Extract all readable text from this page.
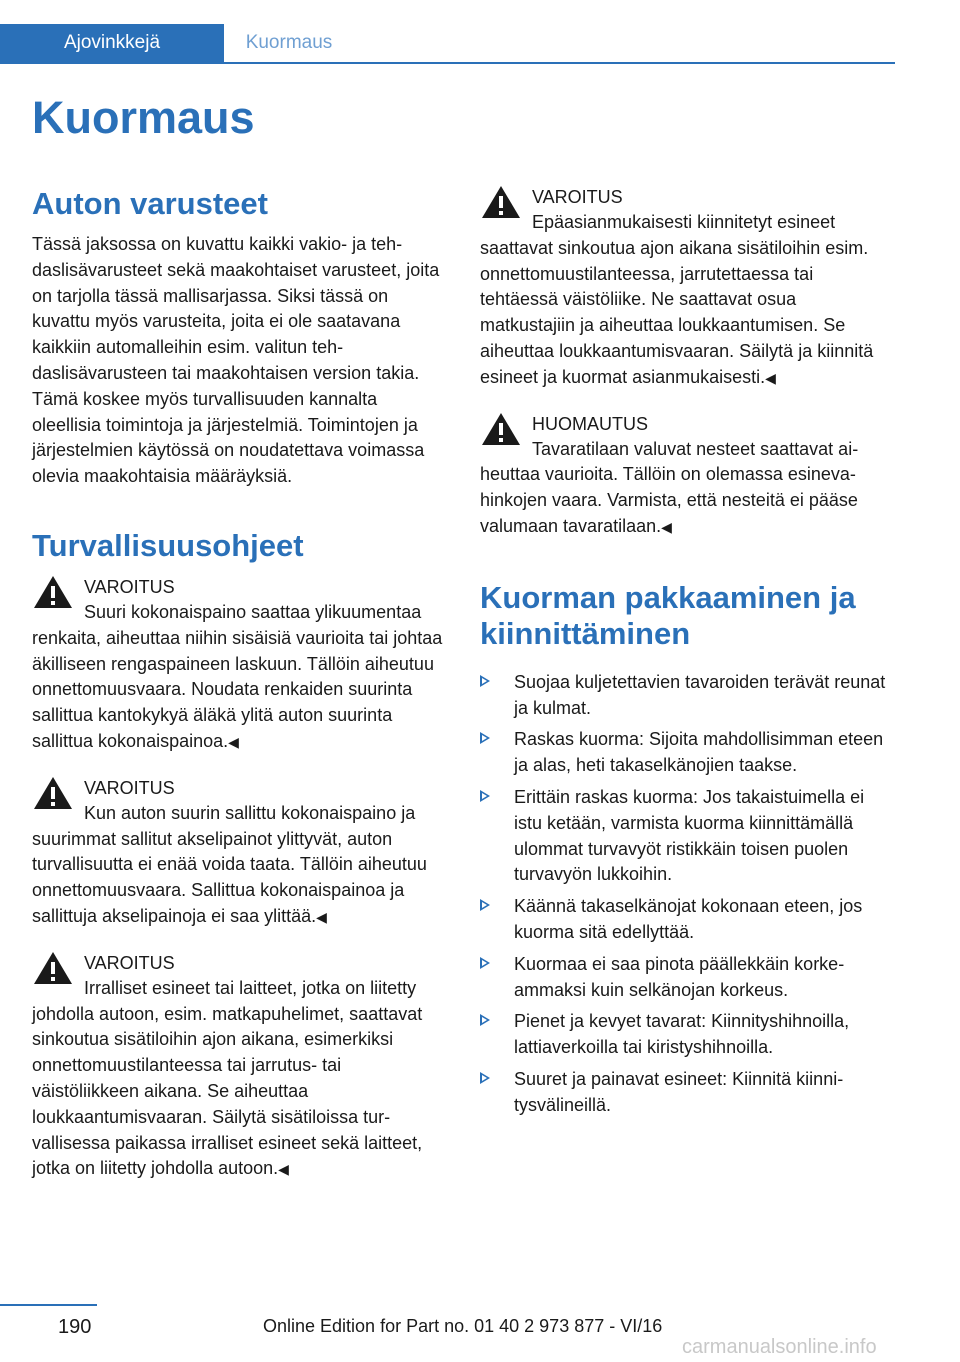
Ajovinkkejä	Kuormaus
Kuormaus
Auton varusteet

Tässä jaksossa on kuvattu kaikki vakio- ja tehdaslisävarusteet sekä maakohtaiset varusteet, joita on tarjolla tässä mallisarjassa. Siksi tässä on kuvattu myös varusteita, joita ei ole saatavana kaikkiin automalleihin esim. valitun tehdaslisävarusteen tai maakohtaisen version takia. Tämä koskee myös turvallisuuden kannalta oleellisia toimintoja ja järjestelmiä. Toimintojen ja järjestelmien käytössä on noudatettava voimassa olevia maakohtaisia määräyksiä.

Turvallisuusohjeet
VAROITUS
Suuri kokonaispaino saattaa ylikuumentaa renkaita, aiheuttaa niihin sisäisiä vaurioita tai johtaa äkilliseen rengaspaineen laskuun. Tällöin aiheutuu onnettomuusvaara. Noudata renkaiden suurinta sallittua kantokykyä äläkä ylitä auton suurinta sallittua kokonaispainoa.◀
VAROITUS
Kun auton suurin sallittu kokonaispaino ja suurimmat sallitut akselipainot ylittyvät, auton turvallisuutta ei enää voida taata. Tällöin aiheutuu onnettomuusvaara. Sallittua kokonaispainoa ja sallittuja akselipainoja ei saa ylittää.◀
VAROITUS
Irralliset esineet tai laitteet, jotka on liitetty johdolla autoon, esim. matkapuhelimet, saattavat sinkoutua sisätiloihin ajon aikana, esimerkiksi onnettomuustilanteessa tai jarrutus- tai väistöliikkeen aikana. Se aiheuttaa loukkaantumisvaaran. Säilytä sisätiloissa turvallisessa paikassa irralliset esineet sekä laitteet, jotka on liitetty johdolla autoon.◀
VAROITUS
Epäasianmukaisesti kiinnitetyt esineet saattavat sinkoutua ajon aikana sisätiloihin esim. onnettomuustilanteessa, jarrutettaessa tai tehtäessä väistöliike. Ne saattavat osua matkustajiin ja aiheuttaa loukkaantumisen. Se aiheuttaa loukkaantumisvaaran. Säilytä ja kiinnitä esineet ja kuormat asianmukaisesti.◀
HUOMAUTUS
Tavaratilaan valuvat nesteet saattavat aiheuttaa vaurioita. Tällöin on olemassa esinevahinkojen vaara. Varmista, että nesteitä ei pääse valumaan tavaratilaan.◀
Kuorman pakkaaminen ja kiinnittäminen
Suojaa kuljetettavien tavaroiden terävät reunat ja kulmat.
Raskas kuorma: Sijoita mahdollisimman eteen ja alas, heti takaselkänojien taakse.
Erittäin raskas kuorma: Jos takaistuimella ei istu ketään, varmista kuorma kiinnittämällä ulommat turvavyöt ristikkäin toisen puolen turvavyön lukkoihin.
Käännä takaselkänojat kokonaan eteen, jos kuorma sitä edellyttää.
Kuormaa ei saa pinota päällekkäin korkeammaksi kuin selkänojan korkeus.
Pienet ja kevyet tavarat: Kiinnityshihnoilla, lattiaverkoilla tai kiristyshihnoilla.
Suuret ja painavat esineet: Kiinnitä kiinnitysvälineillä.
190	Online Edition for Part no. 01 40 2 973 877 - VI/16
carmanualsonline.info
